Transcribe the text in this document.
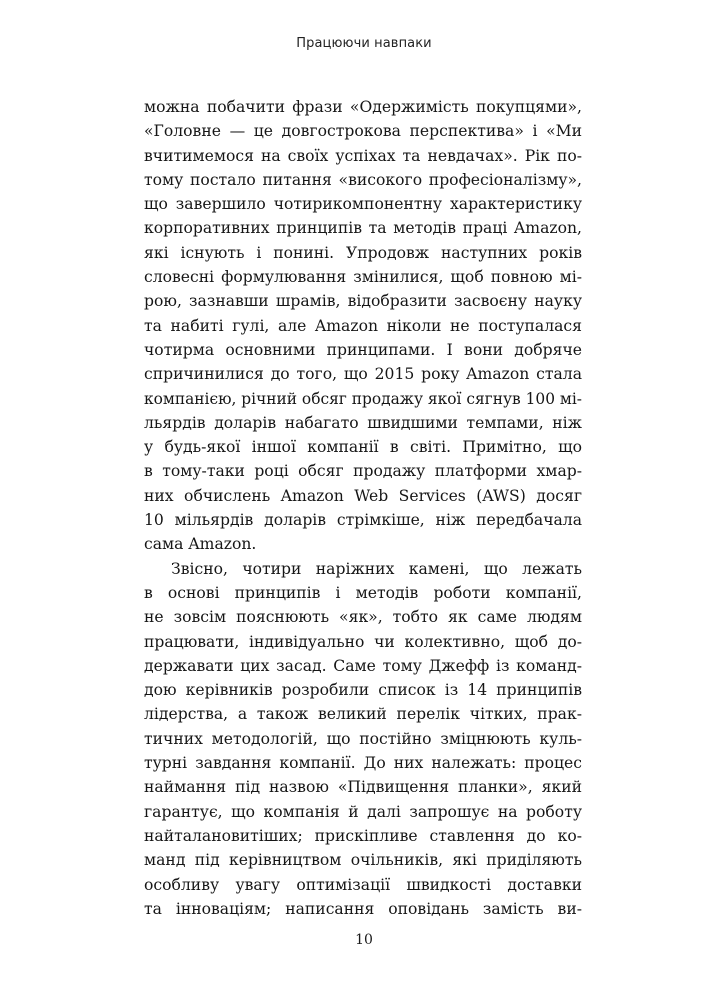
Працюючи навпаки
можна побачити фрази «Одержимість покупцями»,
«Головне — це довгострокова перспектива» і «Ми
вчитимемося на своїх успіхах та невдачах». Рік по-
тому постало питання «високого професіоналізму»,
що завершило чотирикомпонентну характеристику
корпоративних принципів та методів праці Amazon,
які існують і понині. Упродовж наступних років
словесні формулювання змінилися, щоб повною мі-
рою, зазнавши шрамів, відобразити засвоєну науку
та набиті гулі, але Amazon ніколи не поступалася
чотирма основними принципами. І вони добряче
спричинилися до того, що 2015 року Amazon стала
компанією, річний обсяг продажу якої сягнув 100 мі-
льярдів доларів набагато швидшими темпами, ніж
у будь-якої іншої компанії в світі. Примітно, що
в тому-таки році обсяг продажу платформи хмар-
них обчислень Amazon Web Services (AWS) досяг
10 мільярдів доларів стрімкіше, ніж передбачала
сама Amazon.
Звісно, чотири наріжних камені, що лежать
в основі принципів і методів роботи компанії,
не зовсім пояснюють «як», тобто як саме людям
працювати, індивідуально чи колективно, щоб до-
державати цих засад. Саме тому Джефф із команд-
дою керівників розробили список із 14 принципів
лідерства, а також великий перелік чітких, прак-
тичних методологій, що постійно зміцнюють куль-
турні завдання компанії. До них належать: процес
наймання під назвою «Підвищення планки», який
гарантує, що компанія й далі запрошує на роботу
найталановитіших; прискіпливе ставлення до ко-
манд під керівництвом очільників, які приділяють
особливу увагу оптимізації швидкості доставки
та інноваціям; написання оповідань замість ви-
10
